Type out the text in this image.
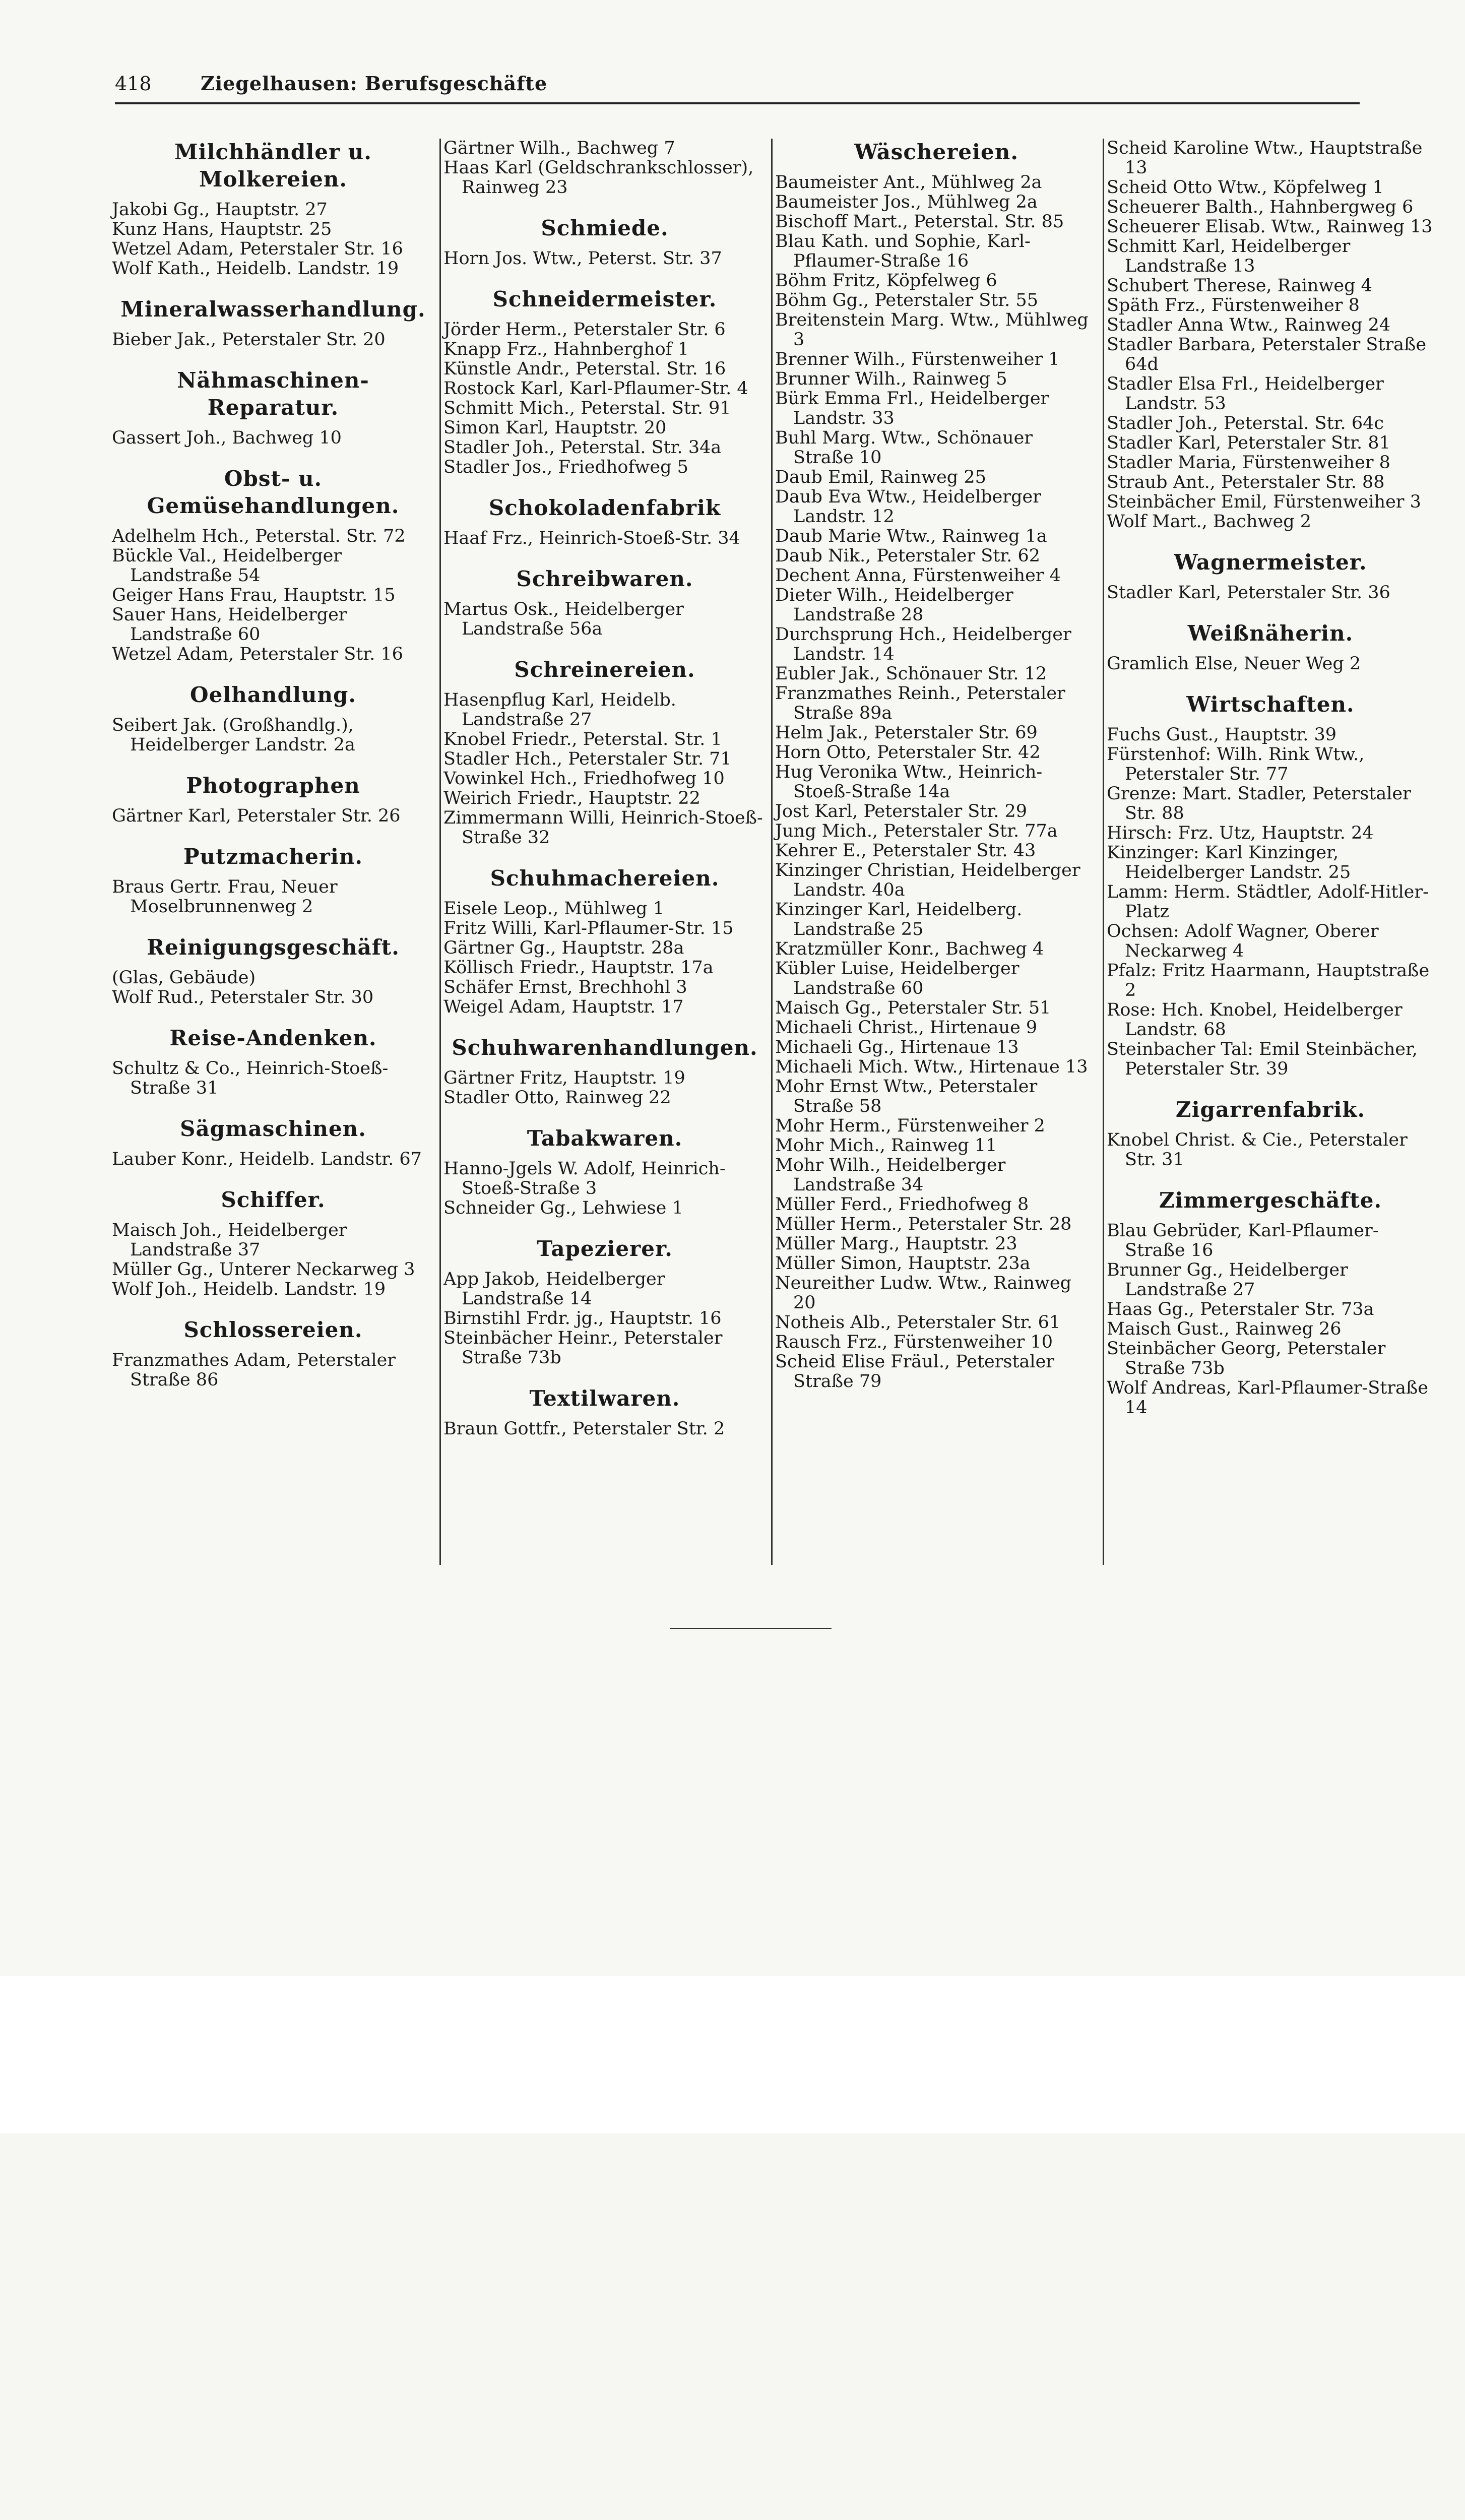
418	Ziegelhausen: Berufsgeschäfte
Milchhändler u. Molkereien.
Jakobi Gg., Hauptstr. 27
Kunz Hans, Hauptstr. 25
Wetzel Adam, Peterstaler Str. 16
Wolf Kath., Heidelb. Landstr. 19
Mineralwasserhandlung.
Bieber Jak., Peterstaler Str. 20
Nähmaschinen-Reparatur.
Gassert Joh., Bachweg 10
Obst- u. Gemüsehandlungen.
Adelhelm Hch., Peterstal. Str. 72
Bückle Val., Heidelberger Landstraße 54
Geiger Hans Frau, Hauptstr. 15
Sauer Hans, Heidelberger Landstraße 60
Wetzel Adam, Peterstaler Str. 16
Oelhandlung.
Seibert Jak. (Großhandlg.), Heidelberger Landstr. 2a
Photographen
Gärtner Karl, Peterstaler Str. 26
Putzmacherin.
Braus Gertr. Frau, Neuer Moselbrunnenweg 2
Reinigungsgeschäft.
(Glas, Gebäude)
Wolf Rud., Peterstaler Str. 30
Reise-Andenken.
Schultz & Co., Heinrich-Stoeß-Straße 31
Sägmaschinen.
Lauber Konr., Heidelb. Landstr. 67
Schiffer.
Maisch Joh., Heidelberger Landstraße 37
Müller Gg., Unterer Neckarweg 3
Wolf Joh., Heidelb. Landstr. 19
Schlossereien.
Franzmathes Adam, Peterstaler Straße 86
Gärtner Wilh., Bachweg 7
Haas Karl (Geldschrankschlosser), Rainweg 23
Schmiede.
Horn Jos. Wtw., Peterst. Str. 37
Schneidermeister.
Jörder Herm., Peterstaler Str. 6
Knapp Frz., Hahnberghof 1
Künstle Andr., Peterstal. Str. 16
Rostock Karl, Karl-Pflaumer-Str. 4
Schmitt Mich., Peterstal. Str. 91
Simon Karl, Hauptstr. 20
Stadler Joh., Peterstal. Str. 34a
Stadler Jos., Friedhofweg 5
Schokoladenfabrik
Haaf Frz., Heinrich-Stoeß-Str. 34
Schreibwaren.
Martus Osk., Heidelberger Landstraße 56a
Schreinereien.
Hasenpflug Karl, Heidelb. Landstraße 27
Knobel Friedr., Peterstal. Str. 1
Stadler Hch., Peterstaler Str. 71
Vowinkel Hch., Friedhofweg 10
Weirich Friedr., Hauptstr. 22
Zimmermann Willi, Heinrich-Stoeß-Straße 32
Schuhmachereien.
Eisele Leop., Mühlweg 1
Fritz Willi, Karl-Pflaumer-Str. 15
Gärtner Gg., Hauptstr. 28a
Köllisch Friedr., Hauptstr. 17a
Schäfer Ernst, Brechhohl 3
Weigel Adam, Hauptstr. 17
Schuhwarenhandlungen.
Gärtner Fritz, Hauptstr. 19
Stadler Otto, Rainweg 22
Tabakwaren.
Hanno-Jgels W. Adolf, Heinrich-Stoeß-Straße 3
Schneider Gg., Lehwiese 1
Tapezierer.
App Jakob, Heidelberger Landstraße 14
Birnstihl Frdr. jg., Hauptstr. 16
Steinbächer Heinr., Peterstaler Straße 73b
Textilwaren.
Braun Gottfr., Peterstaler Str. 2
Wäschereien.
Baumeister Ant., Mühlweg 2a
Baumeister Jos., Mühlweg 2a
Bischoff Mart., Peterstal. Str. 85
Blau Kath. und Sophie, Karl-Pflaumer-Straße 16
Böhm Fritz, Köpfelweg 6
Böhm Gg., Peterstaler Str. 55
Breitenstein Marg. Wtw., Mühlweg 3
Brenner Wilh., Fürstenweiher 1
Brunner Wilh., Rainweg 5
Bürk Emma Frl., Heidelberger Landstr. 33
Buhl Marg. Wtw., Schönauer Straße 10
Daub Emil, Rainweg 25
Daub Eva Wtw., Heidelberger Landstr. 12
Daub Marie Wtw., Rainweg 1a
Daub Nik., Peterstaler Str. 62
Dechent Anna, Fürstenweiher 4
Dieter Wilh., Heidelberger Landstraße 28
Durchsprung Hch., Heidelberger Landstr. 14
Eubler Jak., Schönauer Str. 12
Franzmathes Reinh., Peterstaler Straße 89a
Helm Jak., Peterstaler Str. 69
Horn Otto, Peterstaler Str. 42
Hug Veronika Wtw., Heinrich-Stoeß-Straße 14a
Jost Karl, Peterstaler Str. 29
Jung Mich., Peterstaler Str. 77a
Kehrer E., Peterstaler Str. 43
Kinzinger Christian, Heidelberger Landstr. 40a
Kinzinger Karl, Heidelberg. Landstraße 25
Kratzmüller Konr., Bachweg 4
Kübler Luise, Heidelberger Landstraße 60
Maisch Gg., Peterstaler Str. 51
Michaeli Christ., Hirtenaue 9
Michaeli Gg., Hirtenaue 13
Michaeli Mich. Wtw., Hirtenaue 13
Mohr Ernst Wtw., Peterstaler Straße 58
Mohr Herm., Fürstenweiher 2
Mohr Mich., Rainweg 11
Mohr Wilh., Heidelberger Landstraße 34
Müller Ferd., Friedhofweg 8
Müller Herm., Peterstaler Str. 28
Müller Marg., Hauptstr. 23
Müller Simon, Hauptstr. 23a
Neureither Ludw. Wtw., Rainweg 20
Notheis Alb., Peterstaler Str. 61
Rausch Frz., Fürstenweiher 10
Scheid Elise Fräul., Peterstaler Straße 79
Scheid Karoline Wtw., Hauptstraße 13
Scheid Otto Wtw., Köpfelweg 1
Scheuerer Balth., Hahnbergweg 6
Scheuerer Elisab. Wtw., Rainweg 13
Schmitt Karl, Heidelberger Landstraße 13
Schubert Therese, Rainweg 4
Späth Frz., Fürstenweiher 8
Stadler Anna Wtw., Rainweg 24
Stadler Barbara, Peterstaler Straße 64d
Stadler Elsa Frl., Heidelberger Landstr. 53
Stadler Joh., Peterstal. Str. 64c
Stadler Karl, Peterstaler Str. 81
Stadler Maria, Fürstenweiher 8
Straub Ant., Peterstaler Str. 88
Steinbächer Emil, Fürstenweiher 3
Wolf Mart., Bachweg 2
Wagnermeister.
Stadler Karl, Peterstaler Str. 36
Weißnäherin.
Gramlich Else, Neuer Weg 2
Wirtschaften.
Fuchs Gust., Hauptstr. 39
Fürstenhof: Wilh. Rink Wtw., Peterstaler Str. 77
Grenze: Mart. Stadler, Peterstaler Str. 88
Hirsch: Frz. Utz, Hauptstr. 24
Kinzinger: Karl Kinzinger, Heidelberger Landstr. 25
Lamm: Herm. Städtler, Adolf-Hitler-Platz
Ochsen: Adolf Wagner, Oberer Neckarweg 4
Pfalz: Fritz Haarmann, Hauptstraße 2
Rose: Hch. Knobel, Heidelberger Landstr. 68
Steinbacher Tal: Emil Steinbächer, Peterstaler Str. 39
Zigarrenfabrik.
Knobel Christ. & Cie., Peterstaler Str. 31
Zimmergeschäfte.
Blau Gebrüder, Karl-Pflaumer-Straße 16
Brunner Gg., Heidelberger Landstraße 27
Haas Gg., Peterstaler Str. 73a
Maisch Gust., Rainweg 26
Steinbächer Georg, Peterstaler Straße 73b
Wolf Andreas, Karl-Pflaumer-Straße 14
